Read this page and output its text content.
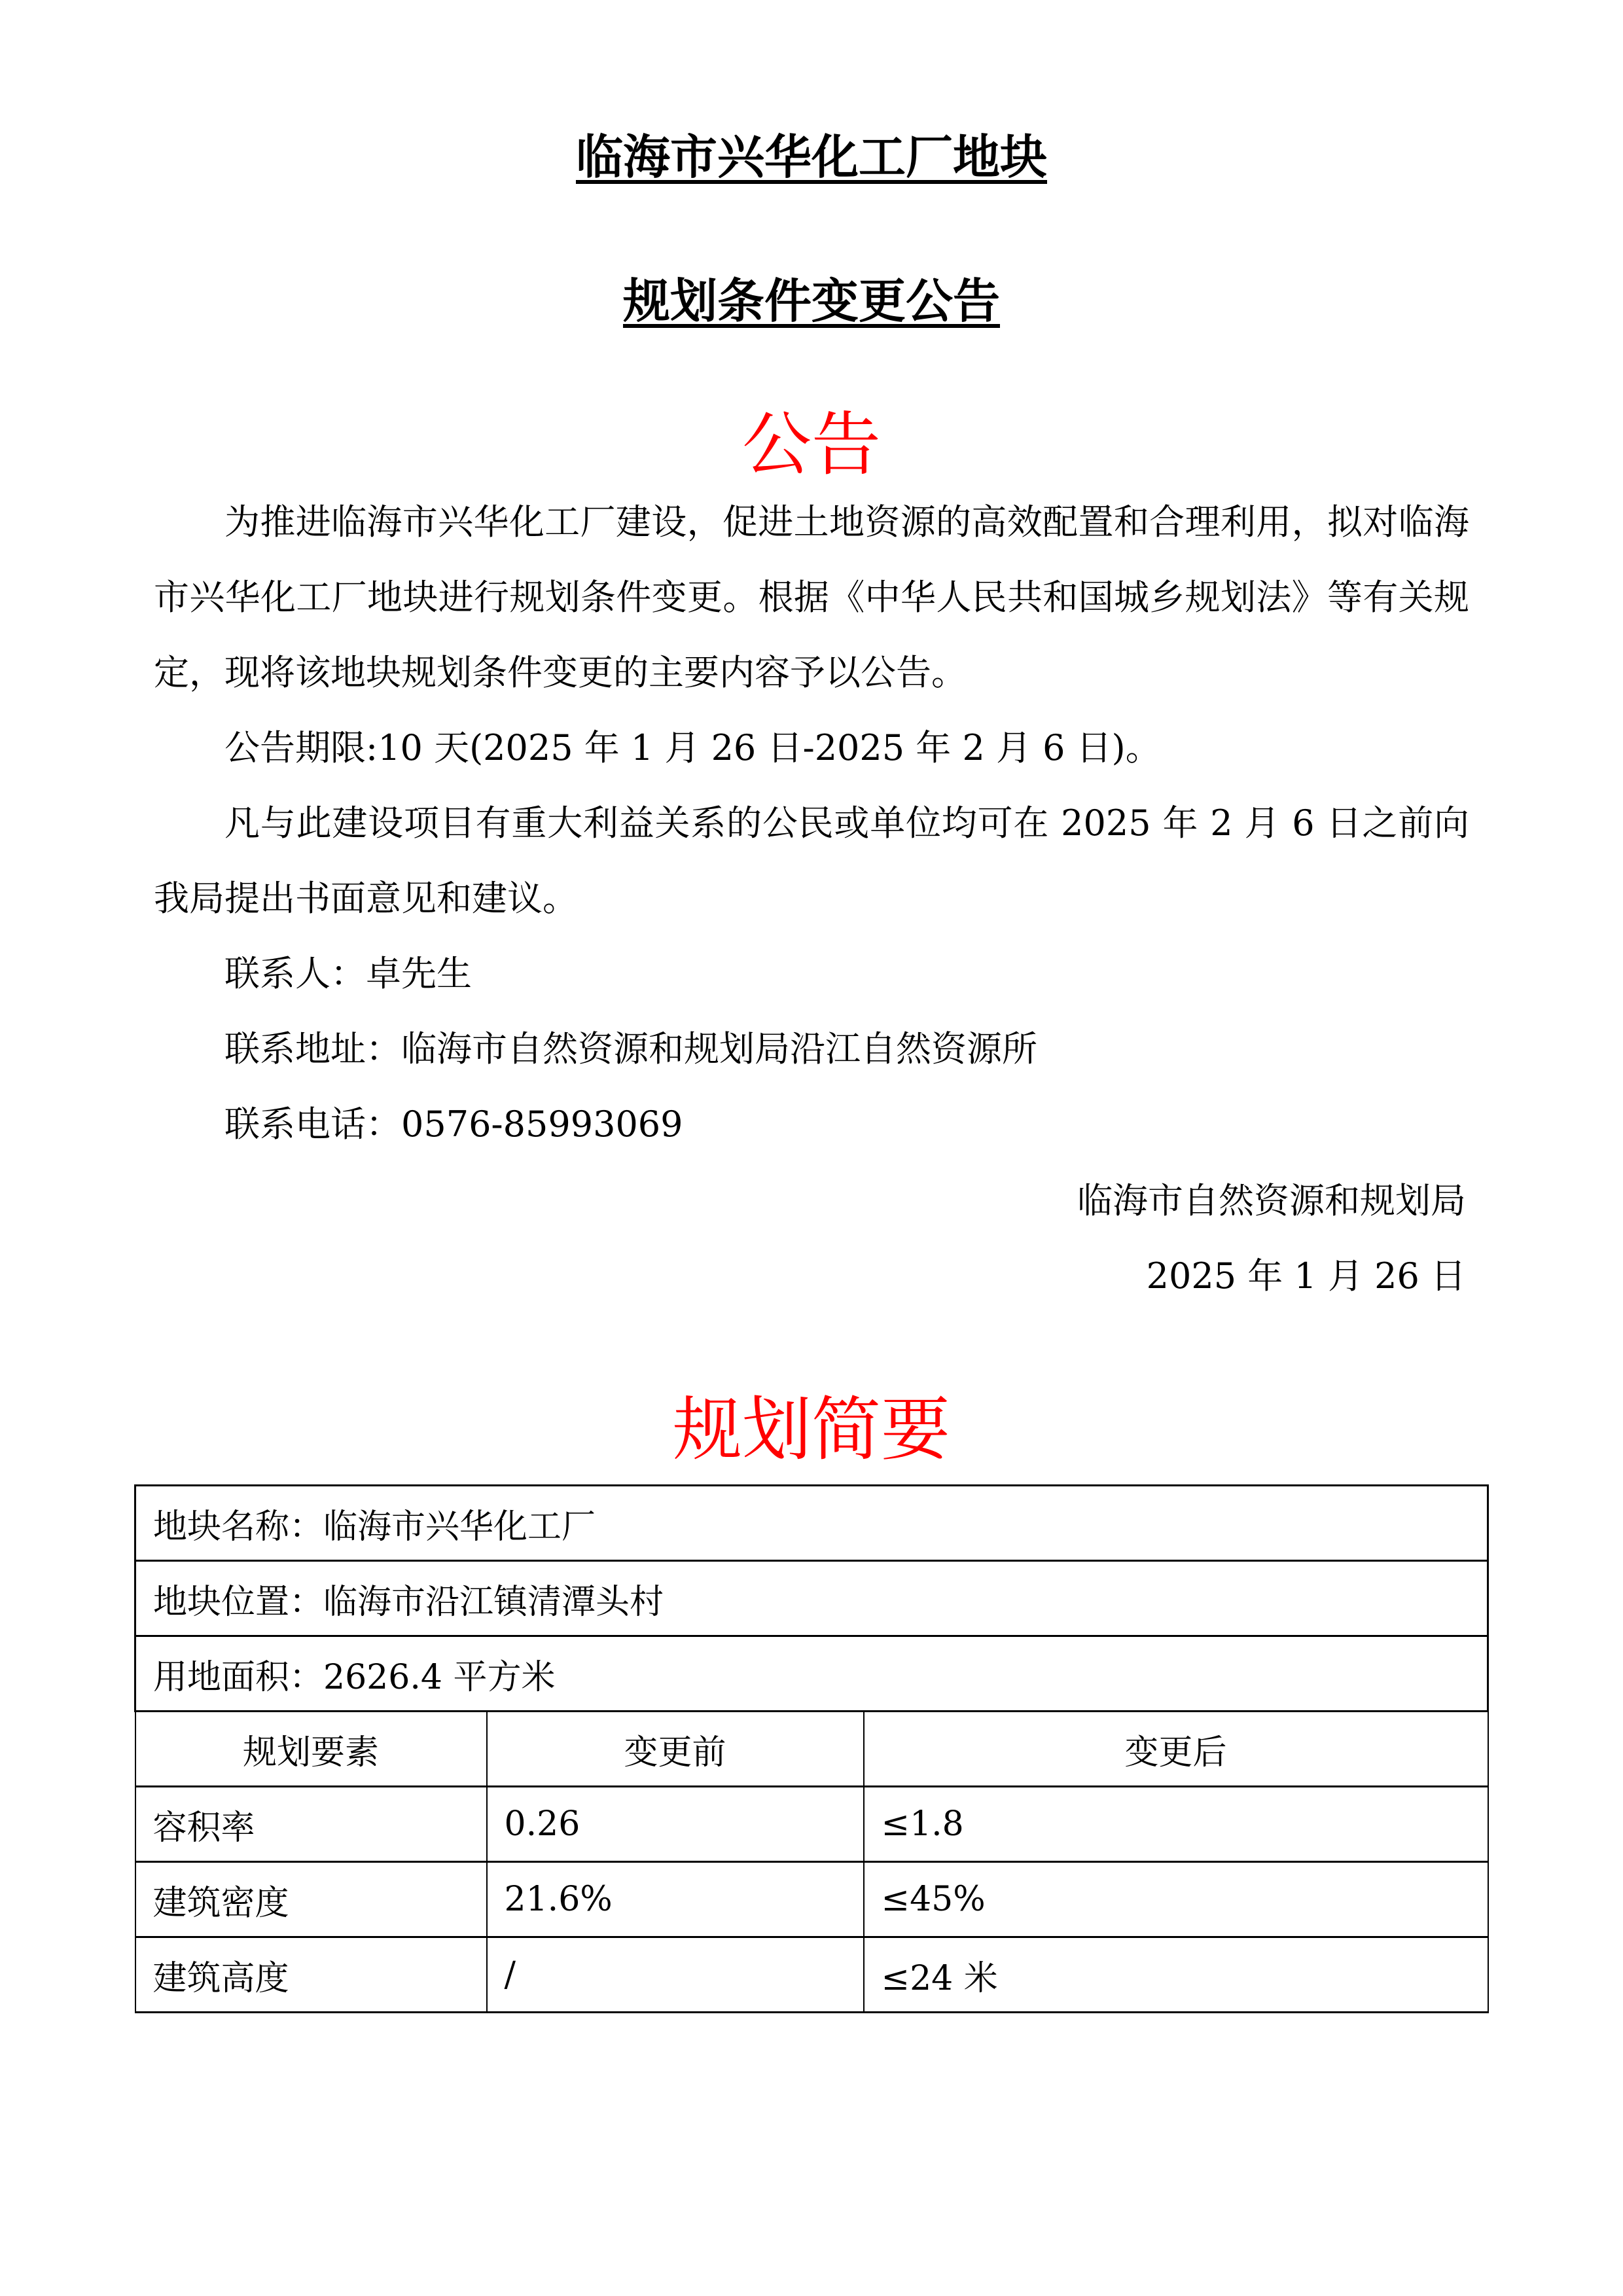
临海市兴华化工厂地块
规划条件变更公告
公告
为推进临海市兴华化工厂建设，促进土地资源的高效配置和合理利用，拟对临海市兴华化工厂地块进行规划条件变更。根据《中华人民共和国城乡规划法》等有关规定，现将该地块规划条件变更的主要内容予以公告。
公告期限:10 天(2025 年 1 月 26 日-2025 年 2 月 6 日)。
凡与此建设项目有重大利益关系的公民或单位均可在 2025 年 2 月 6 日之前向我局提出书面意见和建议。
联系人：卓先生
联系地址：临海市自然资源和规划局沿江自然资源所
联系电话：0576-85993069
临海市自然资源和规划局
2025 年 1 月 26 日
规划简要
地块名称：临海市兴华化工厂		
地块位置：临海市沿江镇清潭头村		
用地面积：2626.4 平方米		
规划要素	变更前	变更后
容积率	0.26	≤1.8
建筑密度	21.6%	≤45%
建筑高度	/	≤24 米
